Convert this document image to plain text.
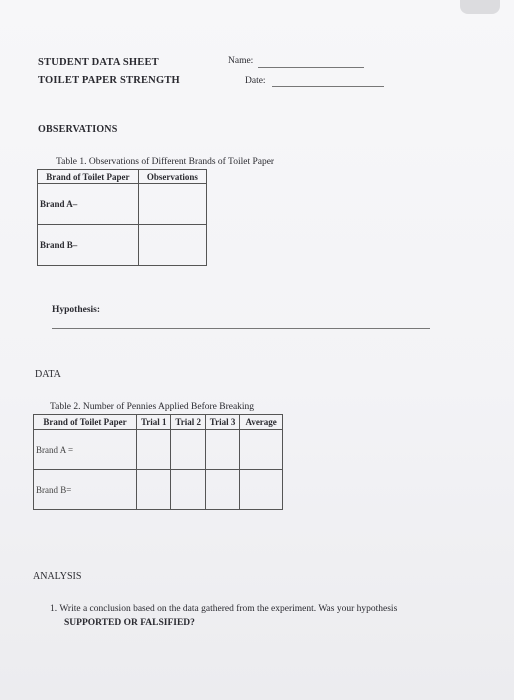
STUDENT DATA SHEET
TOILET PAPER STRENGTH
Name:
Date:
OBSERVATIONS
Table 1. Observations of Different Brands of Toilet Paper
Brand of Toilet Paper	Observations
Brand A–	
Brand B–	
Hypothesis:
DATA
Table 2. Number of Pennies Applied Before Breaking
Brand of Toilet Paper	Trial 1	Trial 2	Trial 3	Average
Brand A =				
Brand B=				
ANALYSIS
1. Write a conclusion based on the data gathered from the experiment. Was your hypothesis
SUPPORTED OR FALSIFIED?
